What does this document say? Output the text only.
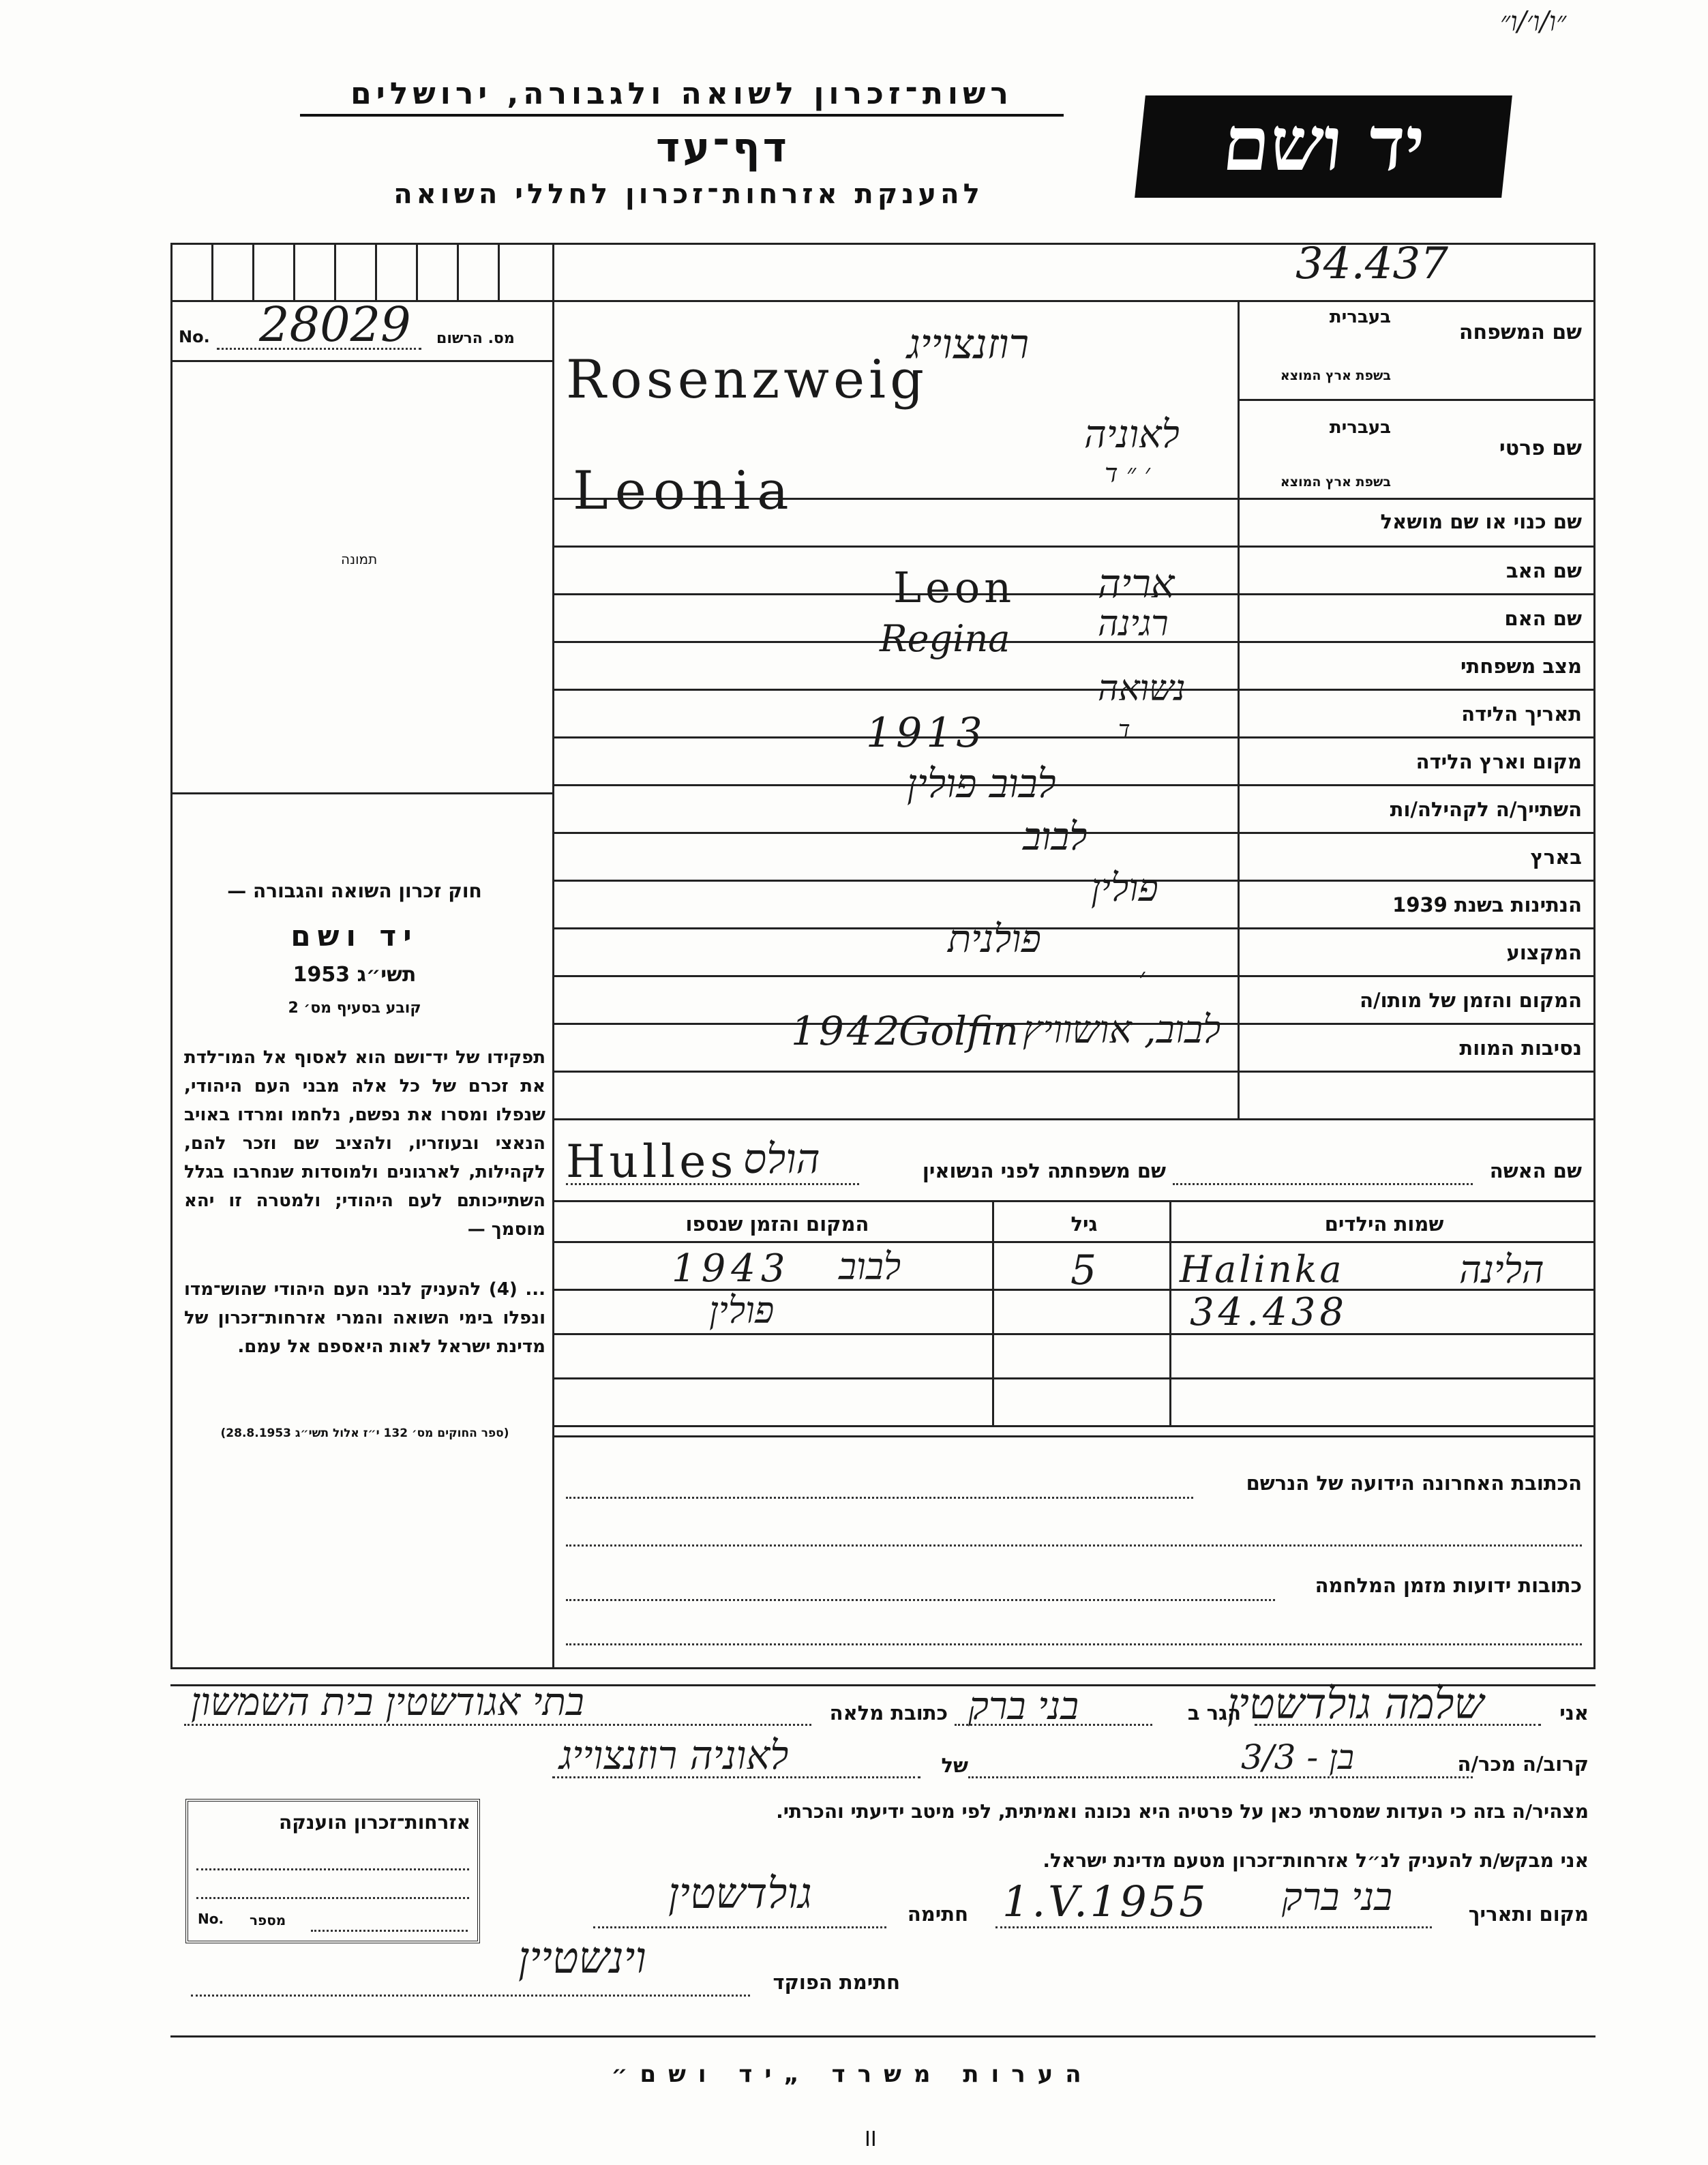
״ו/ו׳/ו״
רשות־זכרון לשואה ולגבורה, ירושלים
דף־עד
להענקת אזרחות־זכרון לחללי השואה
יד ושם
34.437
No. 28029 מס. הרשום
תמונה
חוק זכרון השואה והגבורה —
יד ושם
תשי״ג 1953
קובע בסעיף מס׳ 2
תפקידו של יד־ושם הוא לאסוף אל המו־לדת את זכרם של כל אלה מבני העם היהודי, שנפלו ומסרו את נפשם, נלחמו ומרדו באויב הנאצי ובעוזריו, ולהציב שם וזכר להם, לקהילות, לארגונים ולמוסדות שנחרבו בגלל השתייכותם לעם היהודי; ולמטרה זו יהא מוסמך —
... (4) להעניק לבני העם היהודי שהוש־מדו ונפלו בימי השואה והמרי אזרחות־זכרון של מדינת ישראל לאות היאספם אל עמם.
(ספר החוקים מס׳ 132 י״ז אלול תשי״ג 28.8.1953)
שם המשפחה
בעברית
בשפת ארץ המוצא
שם פרטי
בעברית
בשפת ארץ המוצא
שם כנוי או שם מושאל
שם האב
שם האם
מצב משפחתי
תאריך הלידה
מקום וארץ הלידה
השתייך/ה לקהילה/ות
בארץ
הנתינות בשנת 1939
המקצוע
המקום והזמן של מותו/ה
נסיבות המוות
רוזנצוייג
Rosenzweig
לאוניה
׳ ״ ד
Leonia
Leon אריה
Regina רגינה
נשואה
1913	ד
לבוב פולין
לבוב
פולין
פולנית
׳
1942
Golfin לבוב, אושוויץ
שם האשה
שם משפחתה לפני הנשואין
Hulles הולס
שמות הילדים
גיל
המקום והזמן שנספו
Halinka	הלינה
34.438
5
1943 לבוב
פולין
הכתובת האחרונה הידועה של הנרשם
כתובות ידועות מזמן המלחמה
אני
שלמה גולדשטין
הגר ב
בני ברק
כתובת מלאה
בתי אגודשטין בית השמשון
קרוב/ה מכר/ה
בן - 3/3
של
לאוניה רוזנצוייג
מצהיר/ה בזה כי העדות שמסרתי כאן על פרטיה היא נכונה ואמיתית, לפי מיטב ידיעתי והכרתי.
אני מבקש/ת להעניק לנ״ל אזרחות־זכרון מטעם מדינת ישראל.
מקום ותאריך
בני ברק
1.V.1955
חתימה
גולדשטין
חתימת הפוקד
וינשטיין
אזרחות־זכרון הוענקה
No. מספר
הערות משרד „יד ושם״
II
